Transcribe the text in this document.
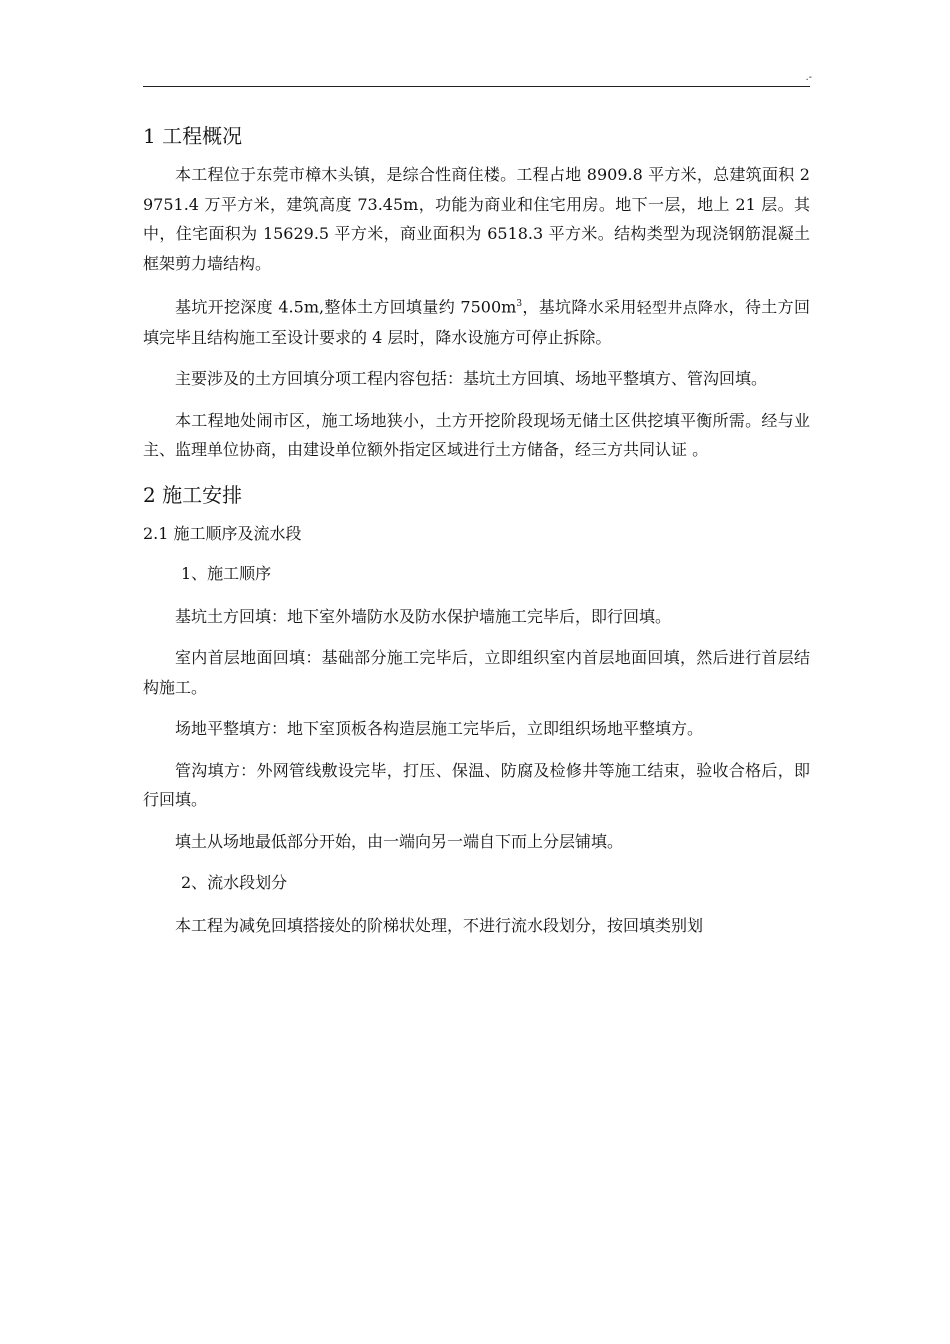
.-
1 工程概况

本工程位于东莞市樟木头镇，是综合性商住楼。工程占地 8909.8 平方米，总建筑面积 29751.4 万平方米，建筑高度 73.45m，功能为商业和住宅用房。地下一层，地上 21 层。其中，住宅面积为 15629.5 平方米，商业面积为 6518.3 平方米。结构类型为现浇钢筋混凝土框架剪力墙结构。

基坑开挖深度 4.5m,整体土方回填量约 $7500m^3$，基坑降水采用轻型井点降水，待土方回填完毕且结构施工至设计要求的 4 层时，降水设施方可停止拆除。

主要涉及的土方回填分项工程内容包括：基坑土方回填、场地平整填方、管沟回填。

本工程地处闹市区，施工场地狭小，土方开挖阶段现场无储土区供挖填平衡所需。经与业主、监理单位协商，由建设单位额外指定区域进行土方储备，经三方共同认证 。

2 施工安排
2.1 施工顺序及流水段
1、施工顺序

基坑土方回填：地下室外墙防水及防水保护墙施工完毕后，即行回填。

室内首层地面回填：基础部分施工完毕后，立即组织室内首层地面回填，然后进行首层结构施工。

场地平整填方：地下室顶板各构造层施工完毕后，立即组织场地平整填方。

管沟填方：外网管线敷设完毕，打压、保温、防腐及检修井等施工结束，验收合格后，即行回填。

填土从场地最低部分开始，由一端向另一端自下而上分层铺填。

2、流水段划分

本工程为减免回填搭接处的阶梯状处理，不进行流水段划分，按回填类别划
